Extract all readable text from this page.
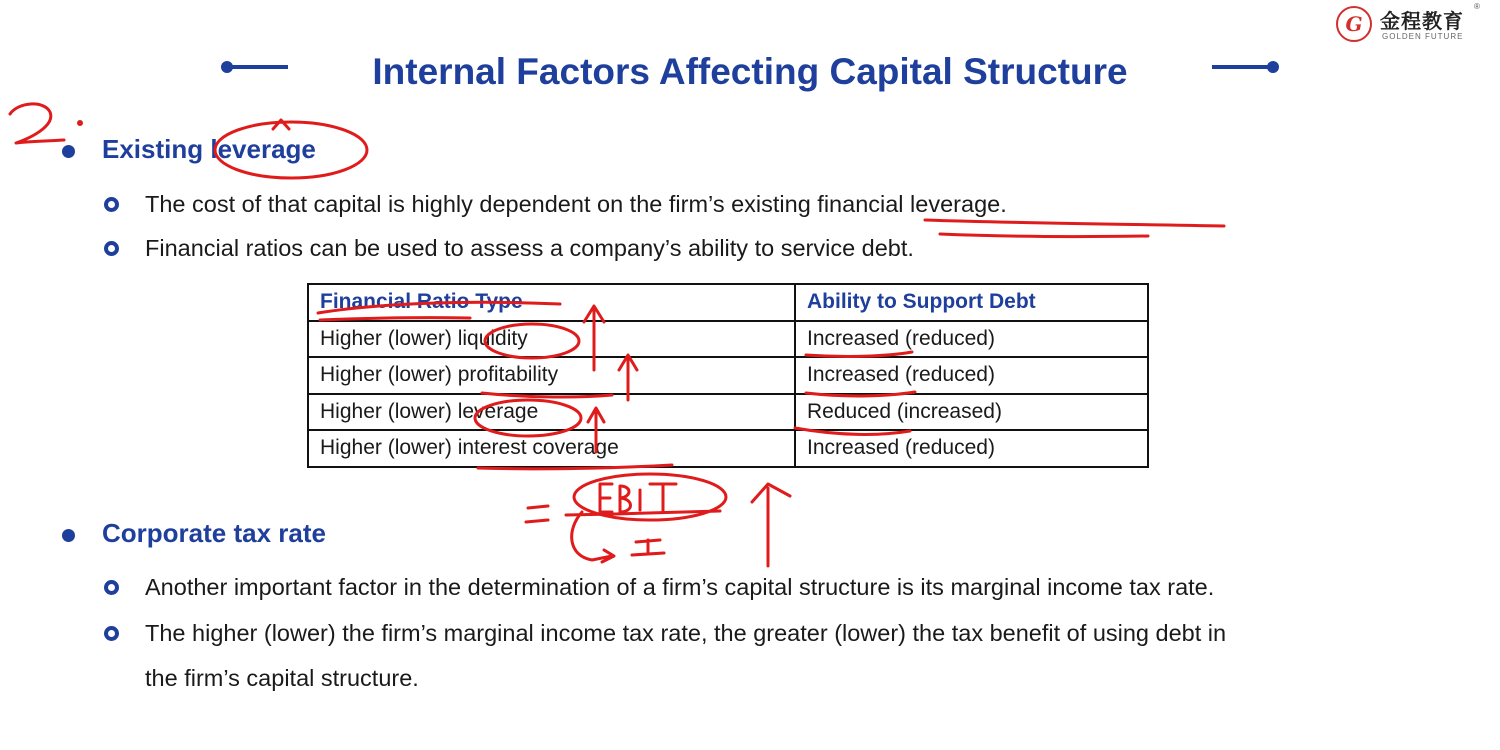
G 金程教育
®
GOLDEN FUTURE
Internal Factors Affecting Capital Structure
Existing leverage
The cost of that capital is highly dependent on the firm’s existing financial leverage.
Financial ratios can be used to assess a company’s ability to service debt.
Financial Ratio Type	Ability to Support Debt
Higher (lower) liquidity	Increased (reduced)
Higher (lower) profitability	Increased (reduced)
Higher (lower) leverage	Reduced (increased)
Higher (lower) interest coverage	Increased (reduced)
Corporate tax rate
Another important factor in the determination of a firm’s capital structure is its marginal income tax rate.
The higher (lower) the firm’s marginal income tax rate, the greater (lower) the tax benefit of using debt in
the firm’s capital structure.
